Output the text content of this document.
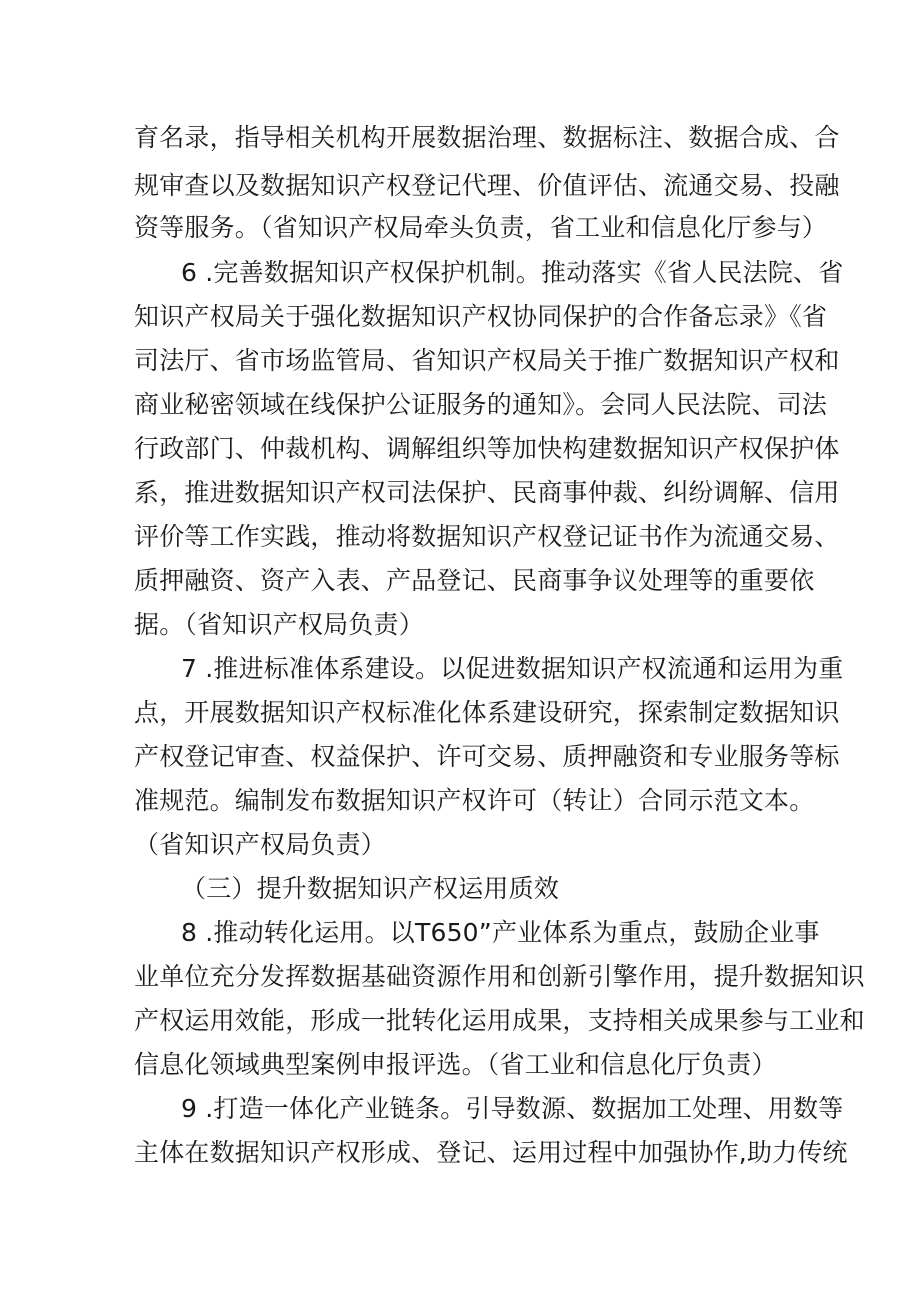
育名录，指导相关机构开展数据治理、数据标注、数据合成、合
规审查以及数据知识产权登记代理、价值评估、流通交易、投融
资等服务。（省知识产权局牵头负责，省工业和信息化厅参与）
6 .完善数据知识产权保护机制。推动落实《省人民法院、省
知识产权局关于强化数据知识产权协同保护的合作备忘录》《省
司法厅、省市场监管局、省知识产权局关于推广数据知识产权和
商业秘密领域在线保护公证服务的通知》。会同人民法院、司法
行政部门、仲裁机构、调解组织等加快构建数据知识产权保护体
系，推进数据知识产权司法保护、民商事仲裁、纠纷调解、信用
评价等工作实践，推动将数据知识产权登记证书作为流通交易、
质押融资、资产入表、产品登记、民商事争议处理等的重要依
据。（省知识产权局负责）
7 .推进标准体系建设。以促进数据知识产权流通和运用为重
点，开展数据知识产权标准化体系建设研究，探索制定数据知识
产权登记审查、权益保护、许可交易、质押融资和专业服务等标
准规范。编制发布数据知识产权许可（转让）合同示范文本。
（省知识产权局负责）
（三）提升数据知识产权运用质效
8 .推动转化运用。以T650”产业体系为重点，鼓励企业事
业单位充分发挥数据基础资源作用和创新引擎作用，提升数据知识
产权运用效能，形成一批转化运用成果，支持相关成果参与工业和
信息化领域典型案例申报评选。（省工业和信息化厅负责）
9 .打造一体化产业链条。引导数源、数据加工处理、用数等
主体在数据知识产权形成、登记、运用过程中加强协作,助力传统
